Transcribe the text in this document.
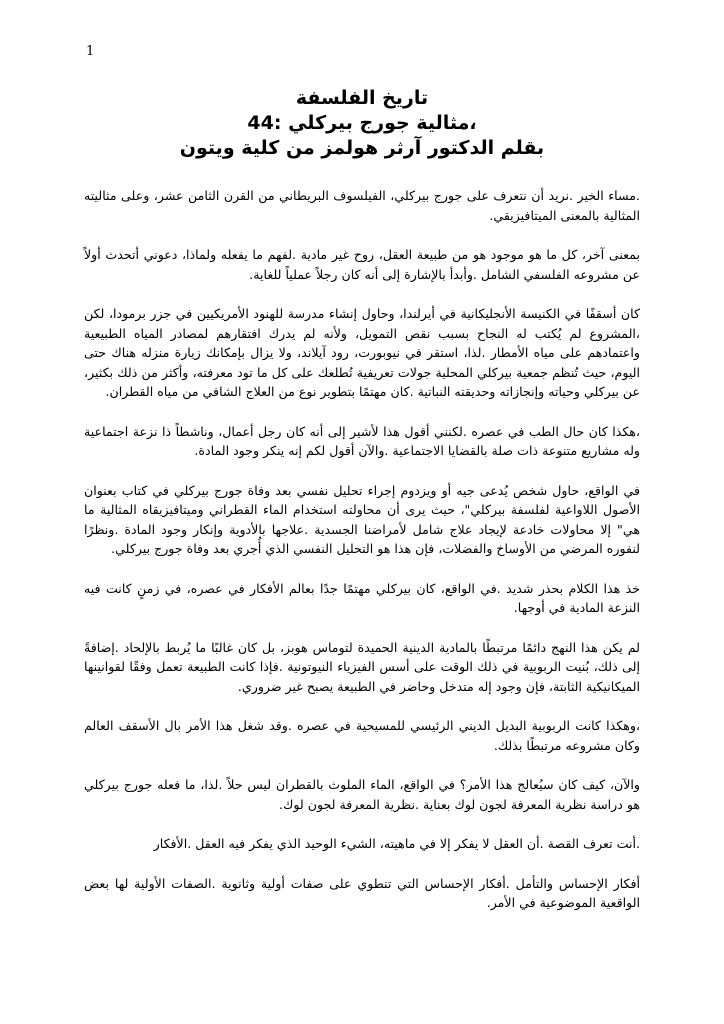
1
تاريخ الفلسفة
،مثالية جورج بيركلي :44
بقلم الدكتور آرثر هولمز من كلية ويتون

.مساء الخير .نريد أن نتعرف على جورج بيركلي، الفيلسوف البريطاني من القرن الثامن عشر، وعلى مثاليته المثالية بالمعنى الميتافيزيقي.

بمعنى آخر، كل ما هو موجود هو من طبيعة العقل، روح غير مادية .لفهم ما يفعله ولماذا، دعوني أتحدث أولاً عن مشروعه الفلسفي الشامل .وأبدأ بالإشارة إلى أنه كان رجلاً عملياً للغاية.

كان أسقفًا في الكنيسة الأنجليكانية في أيرلندا، وحاول إنشاء مدرسة للهنود الأمريكيين في جزر برمودا، لكن ،المشروع لم يُكتب له النجاح بسبب نقص التمويل، ولأنه لم يدرك افتقارهم لمصادر المياه الطبيعية واعتمادهم على مياه الأمطار .لذا، استقر في نيوبورت، رود آيلاند، ولا يزال بإمكانك زيارة منزله هناك حتى اليوم، حيث تُنظم جمعية بيركلي المحلية جولات تعريفية تُطلعك على كل ما تود معرفته، وأكثر من ذلك بكثير، عن بيركلي وحياته وإنجازاته وحديقته النباتية .كان مهتمًا بتطوير نوع من العلاج الشافي من مياه القطران.

،هكذا كان حال الطب في عصره .لكنني أقول هذا لأشير إلى أنه كان رجل أعمال، وناشطاً ذا نزعة اجتماعية وله مشاريع متنوعة ذات صلة بالقضايا الاجتماعية .والآن أقول لكم إنه ينكر وجود المادة.

في الواقع، حاول شخص يُدعى جيه أو ويزدوم إجراء تحليل نفسي بعد وفاة جورج بيركلي في كتاب بعنوان الأصول اللاواعية لفلسفة بيركلي"، حيث يرى أن محاولته استخدام الماء القطراني وميتافيزيقاه المثالية ما هي" إلا محاولات خادعة لإيجاد علاج شامل لأمراضنا الجسدية .علاجها بالأدوية وإنكار وجود المادة .ونظرًا لنفوره المرضي من الأوساخ والفضلات، فإن هذا هو التحليل النفسي الذي أُجري بعد وفاة جورج بيركلي.

خذ هذا الكلام بحذر شديد .في الواقع، كان بيركلي مهتمًا جدًا بعالم الأفكار في عصره، في زمنٍ كانت فيه النزعة المادية في أوجها.

لم يكن هذا النهج دائمًا مرتبطًا بالمادية الدينية الحميدة لتوماس هوبز، بل كان غالبًا ما يُربط بالإلحاد .إضافةً إلى ذلك، بُنيت الربوبية في ذلك الوقت على أسس الفيزياء النيوتونية .فإذا كانت الطبيعة تعمل وفقًا لقوانينها الميكانيكية الثابتة، فإن وجود إله متدخل وحاضر في الطبيعة يصبح غير ضروري.

،وهكذا كانت الربوبية البديل الديني الرئيسي للمسيحية في عصره .وقد شغل هذا الأمر بال الأسقف العالم وكان مشروعه مرتبطًا بذلك.

والآن، كيف كان سيُعالج هذا الأمر؟ في الواقع، الماء الملوث بالقطران ليس حلاً .لذا، ما فعله جورج بيركلي هو دراسة نظرية المعرفة لجون لوك بعناية .نظرية المعرفة لجون لوك.

.أنت تعرف القصة .أن العقل لا يفكر إلا في ماهيته، الشيء الوحيد الذي يفكر فيه العقل .الأفكار

أفكار الإحساس والتأمل .أفكار الإحساس التي تنطوي على صفات أولية وثانوية .الصفات الأولية لها بعض الواقعية الموضوعية في الأمر.
